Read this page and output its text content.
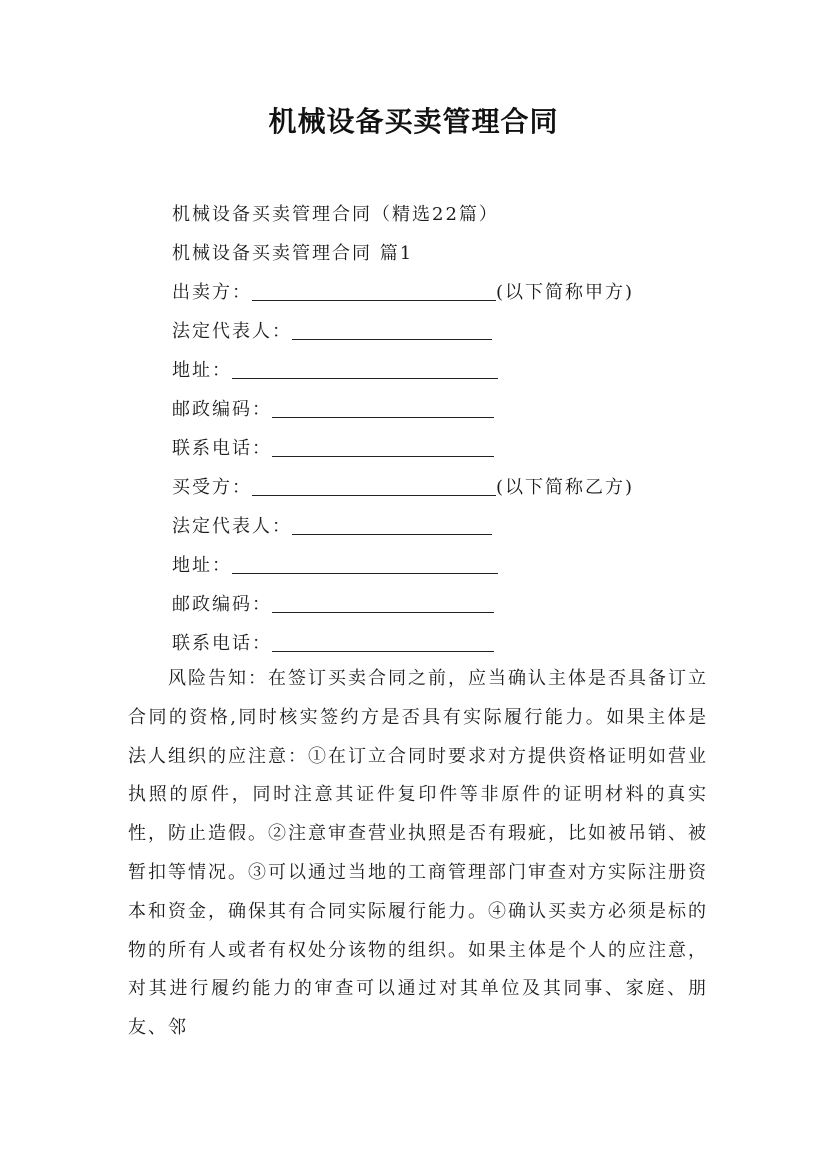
机械设备买卖管理合同
机械设备买卖管理合同（精选22篇）
机械设备买卖管理合同 篇1
出卖方：	(以下简称甲方)
法定代表人：
地址：
邮政编码：
联系电话：
买受方：	(以下简称乙方)
法定代表人：
地址：
邮政编码：
联系电话：

风险告知：在签订买卖合同之前，应当确认主体是否具备订立合同的资格,同时核实签约方是否具有实际履行能力。如果主体是法人组织的应注意：①在订立合同时要求对方提供资格证明如营业执照的原件，同时注意其证件复印件等非原件的证明材料的真实性，防止造假。②注意审查营业执照是否有瑕疵，比如被吊销、被暂扣等情况。③可以通过当地的工商管理部门审查对方实际注册资本和资金，确保其有合同实际履行能力。④确认买卖方必须是标的物的所有人或者有权处分该物的组织。如果主体是个人的应注意，对其进行履约能力的审查可以通过对其单位及其同事、家庭、朋友、邻
